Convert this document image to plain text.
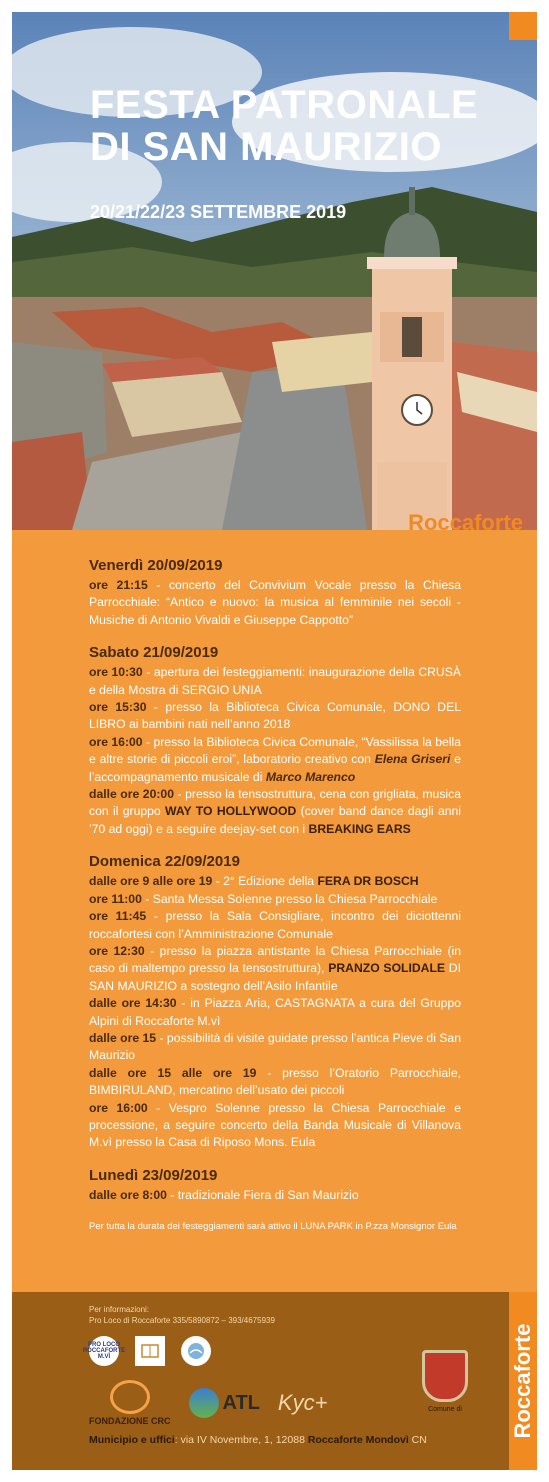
FESTA PATRONALE
DI SAN MAURIZIO
20/21/22/23 SETTEMBRE 2019
Roccaforte
Venerdì 20/09/2019
ore 21:15 - concerto del Convivium Vocale presso la Chiesa Parrocchiale: “Antico e nuovo: la musica al femminile nei secoli - Musiche di Antonio Vivaldi e Giuseppe Cappotto”
Sabato 21/09/2019
ore 10:30 - apertura dei festeggiamenti: inaugurazione della CRUSÀ e della Mostra di SERGIO UNIA
ore 15:30 - presso la Biblioteca Civica Comunale, DONO DEL LIBRO ai bambini nati nell’anno 2018
ore 16:00 - presso la Biblioteca Civica Comunale, “Vassilissa la bella e altre storie di piccoli eroi”, laboratorio creativo con Elena Griseri e l’accompagnamento musicale di Marco Marenco
dalle ore 20:00 - presso la tensostruttura, cena con grigliata, musica con il gruppo WAY TO HOLLYWOOD (cover band dance dagli anni ’70 ad oggi) e a seguire deejay-set con i BREAKING EARS
Domenica 22/09/2019
dalle ore 9 alle ore 19 - 2° Edizione della FERA DR BOSCH
ore 11:00 - Santa Messa Solenne presso la Chiesa Parrocchiale
ore 11:45 - presso la Sala Consigliare, incontro dei diciottenni roccafortesi con l’Amministrazione Comunale
ore 12:30 - presso la piazza antistante la Chiesa Parrocchiale (in caso di maltempo presso la tensostruttura), PRANZO SOLIDALE DI SAN MAURIZIO a sostegno dell’Asilo Infantile
dalle ore 14:30 - in Piazza Aria, CASTAGNATA a cura del Gruppo Alpini di Roccaforte M.vì
dalle ore 15 - possibilità di visite guidate presso l’antica Pieve di San Maurizio
dalle ore 15 alle ore 19 - presso l’Oratorio Parrocchiale, BIMBIRULAND, mercatino dell’usato dei piccoli
ore 16:00 - Vespro Solenne presso la Chiesa Parrocchiale e processione, a seguire concerto della Banda Musicale di Villanova M.vì presso la Casa di Riposo Mons. Eula
Lunedì 23/09/2019
dalle ore 8:00 - tradizionale Fiera di San Maurizio
Per tutta la durata dei festeggiamenti sarà attivo il LUNA PARK in P.zza Monsignor Eula
Per informazioni:
Pro Loco di Roccaforte 335/5890872 – 393/4675939
PRO LOCO ROCCAFORTE M.VÌ
FONDAZIONE CRC
ATL Kyc+	Comune di
Municipio e uffici: via IV Novembre, 1, 12088 Roccaforte Mondovì CN
Roccaforte
